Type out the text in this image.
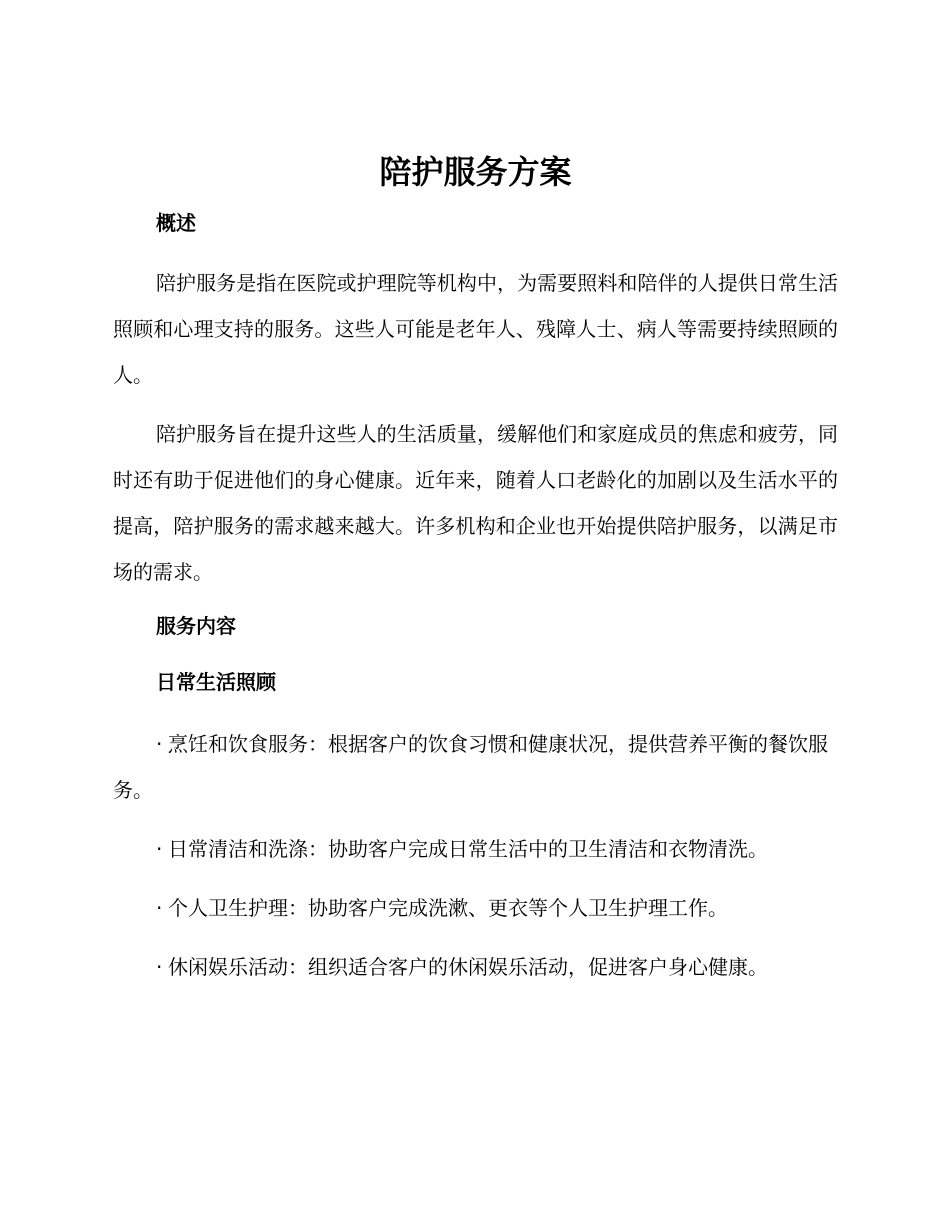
陪护服务方案
概述

陪护服务是指在医院或护理院等机构中，为需要照料和陪伴的人提供日常生活照顾和心理支持的服务。这些人可能是老年人、残障人士、病人等需要持续照顾的人。

陪护服务旨在提升这些人的生活质量，缓解他们和家庭成员的焦虑和疲劳，同时还有助于促进他们的身心健康。近年来，随着人口老龄化的加剧以及生活水平的提高，陪护服务的需求越来越大。许多机构和企业也开始提供陪护服务，以满足市场的需求。

服务内容
日常生活照顾

· 烹饪和饮食服务：根据客户的饮食习惯和健康状况，提供营养平衡的餐饮服务。

· 日常清洁和洗涤：协助客户完成日常生活中的卫生清洁和衣物清洗。

· 个人卫生护理：协助客户完成洗漱、更衣等个人卫生护理工作。

· 休闲娱乐活动：组织适合客户的休闲娱乐活动，促进客户身心健康。
